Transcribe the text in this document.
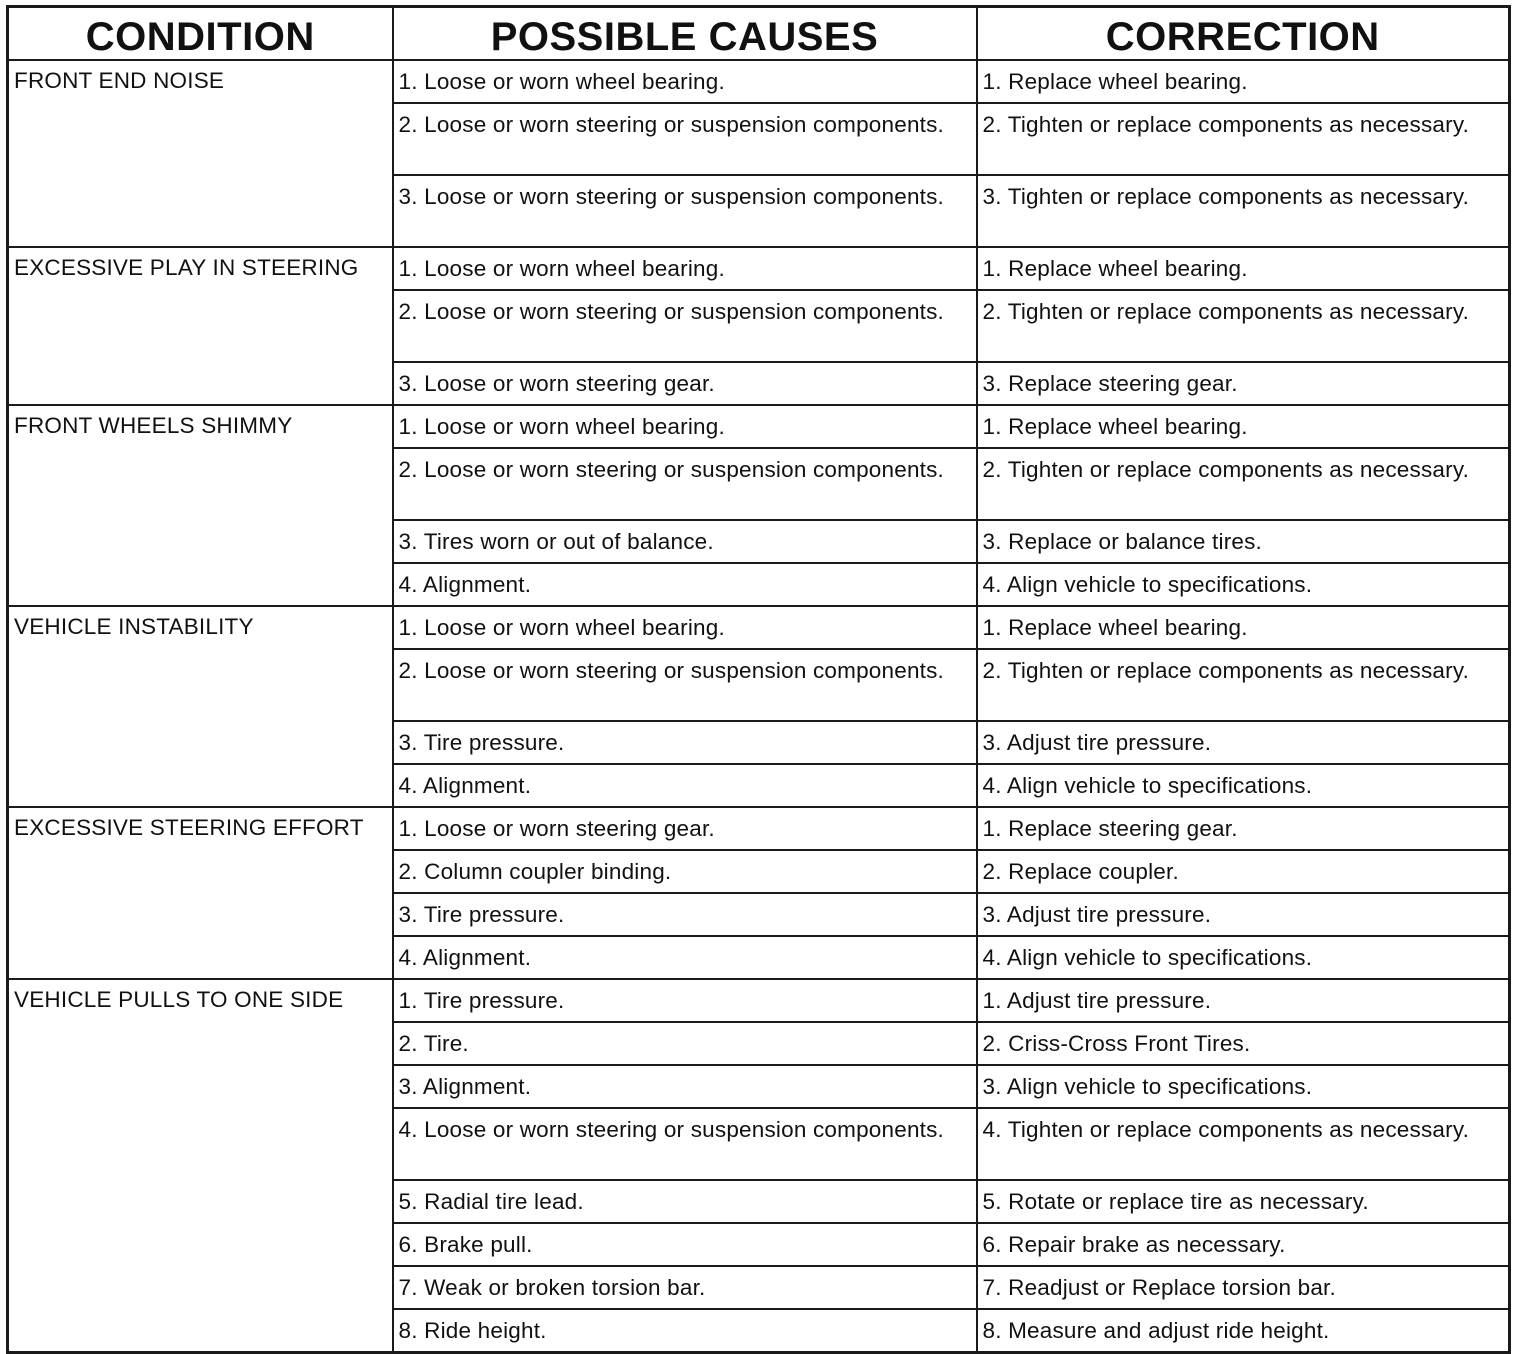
CONDITION	POSSIBLE CAUSES	CORRECTION
FRONT END NOISE	1. Loose or worn wheel bearing.	1. Replace wheel bearing.
	2. Loose or worn steering or suspension components.	2. Tighten or replace components as necessary.
	3. Loose or worn steering or suspension components.	3. Tighten or replace components as necessary.
EXCESSIVE PLAY IN STEERING	1. Loose or worn wheel bearing.	1. Replace wheel bearing.
	2. Loose or worn steering or suspension components.	2. Tighten or replace components as necessary.
	3. Loose or worn steering gear.	3. Replace steering gear.
FRONT WHEELS SHIMMY	1. Loose or worn wheel bearing.	1. Replace wheel bearing.
	2. Loose or worn steering or suspension components.	2. Tighten or replace components as necessary.
	3. Tires worn or out of balance.	3. Replace or balance tires.
	4. Alignment.	4. Align vehicle to specifications.
VEHICLE INSTABILITY	1. Loose or worn wheel bearing.	1. Replace wheel bearing.
	2. Loose or worn steering or suspension components.	2. Tighten or replace components as necessary.
	3. Tire pressure.	3. Adjust tire pressure.
	4. Alignment.	4. Align vehicle to specifications.
EXCESSIVE STEERING EFFORT	1. Loose or worn steering gear.	1. Replace steering gear.
	2. Column coupler binding.	2. Replace coupler.
	3. Tire pressure.	3. Adjust tire pressure.
	4. Alignment.	4. Align vehicle to specifications.
VEHICLE PULLS TO ONE SIDE	1. Tire pressure.	1. Adjust tire pressure.
	2. Tire.	2. Criss-Cross Front Tires.
	3. Alignment.	3. Align vehicle to specifications.
	4. Loose or worn steering or suspension components.	4. Tighten or replace components as necessary.
	5. Radial tire lead.	5. Rotate or replace tire as necessary.
	6. Brake pull.	6. Repair brake as necessary.
	7. Weak or broken torsion bar.	7. Readjust or Replace torsion bar.
	8. Ride height.	8. Measure and adjust ride height.
